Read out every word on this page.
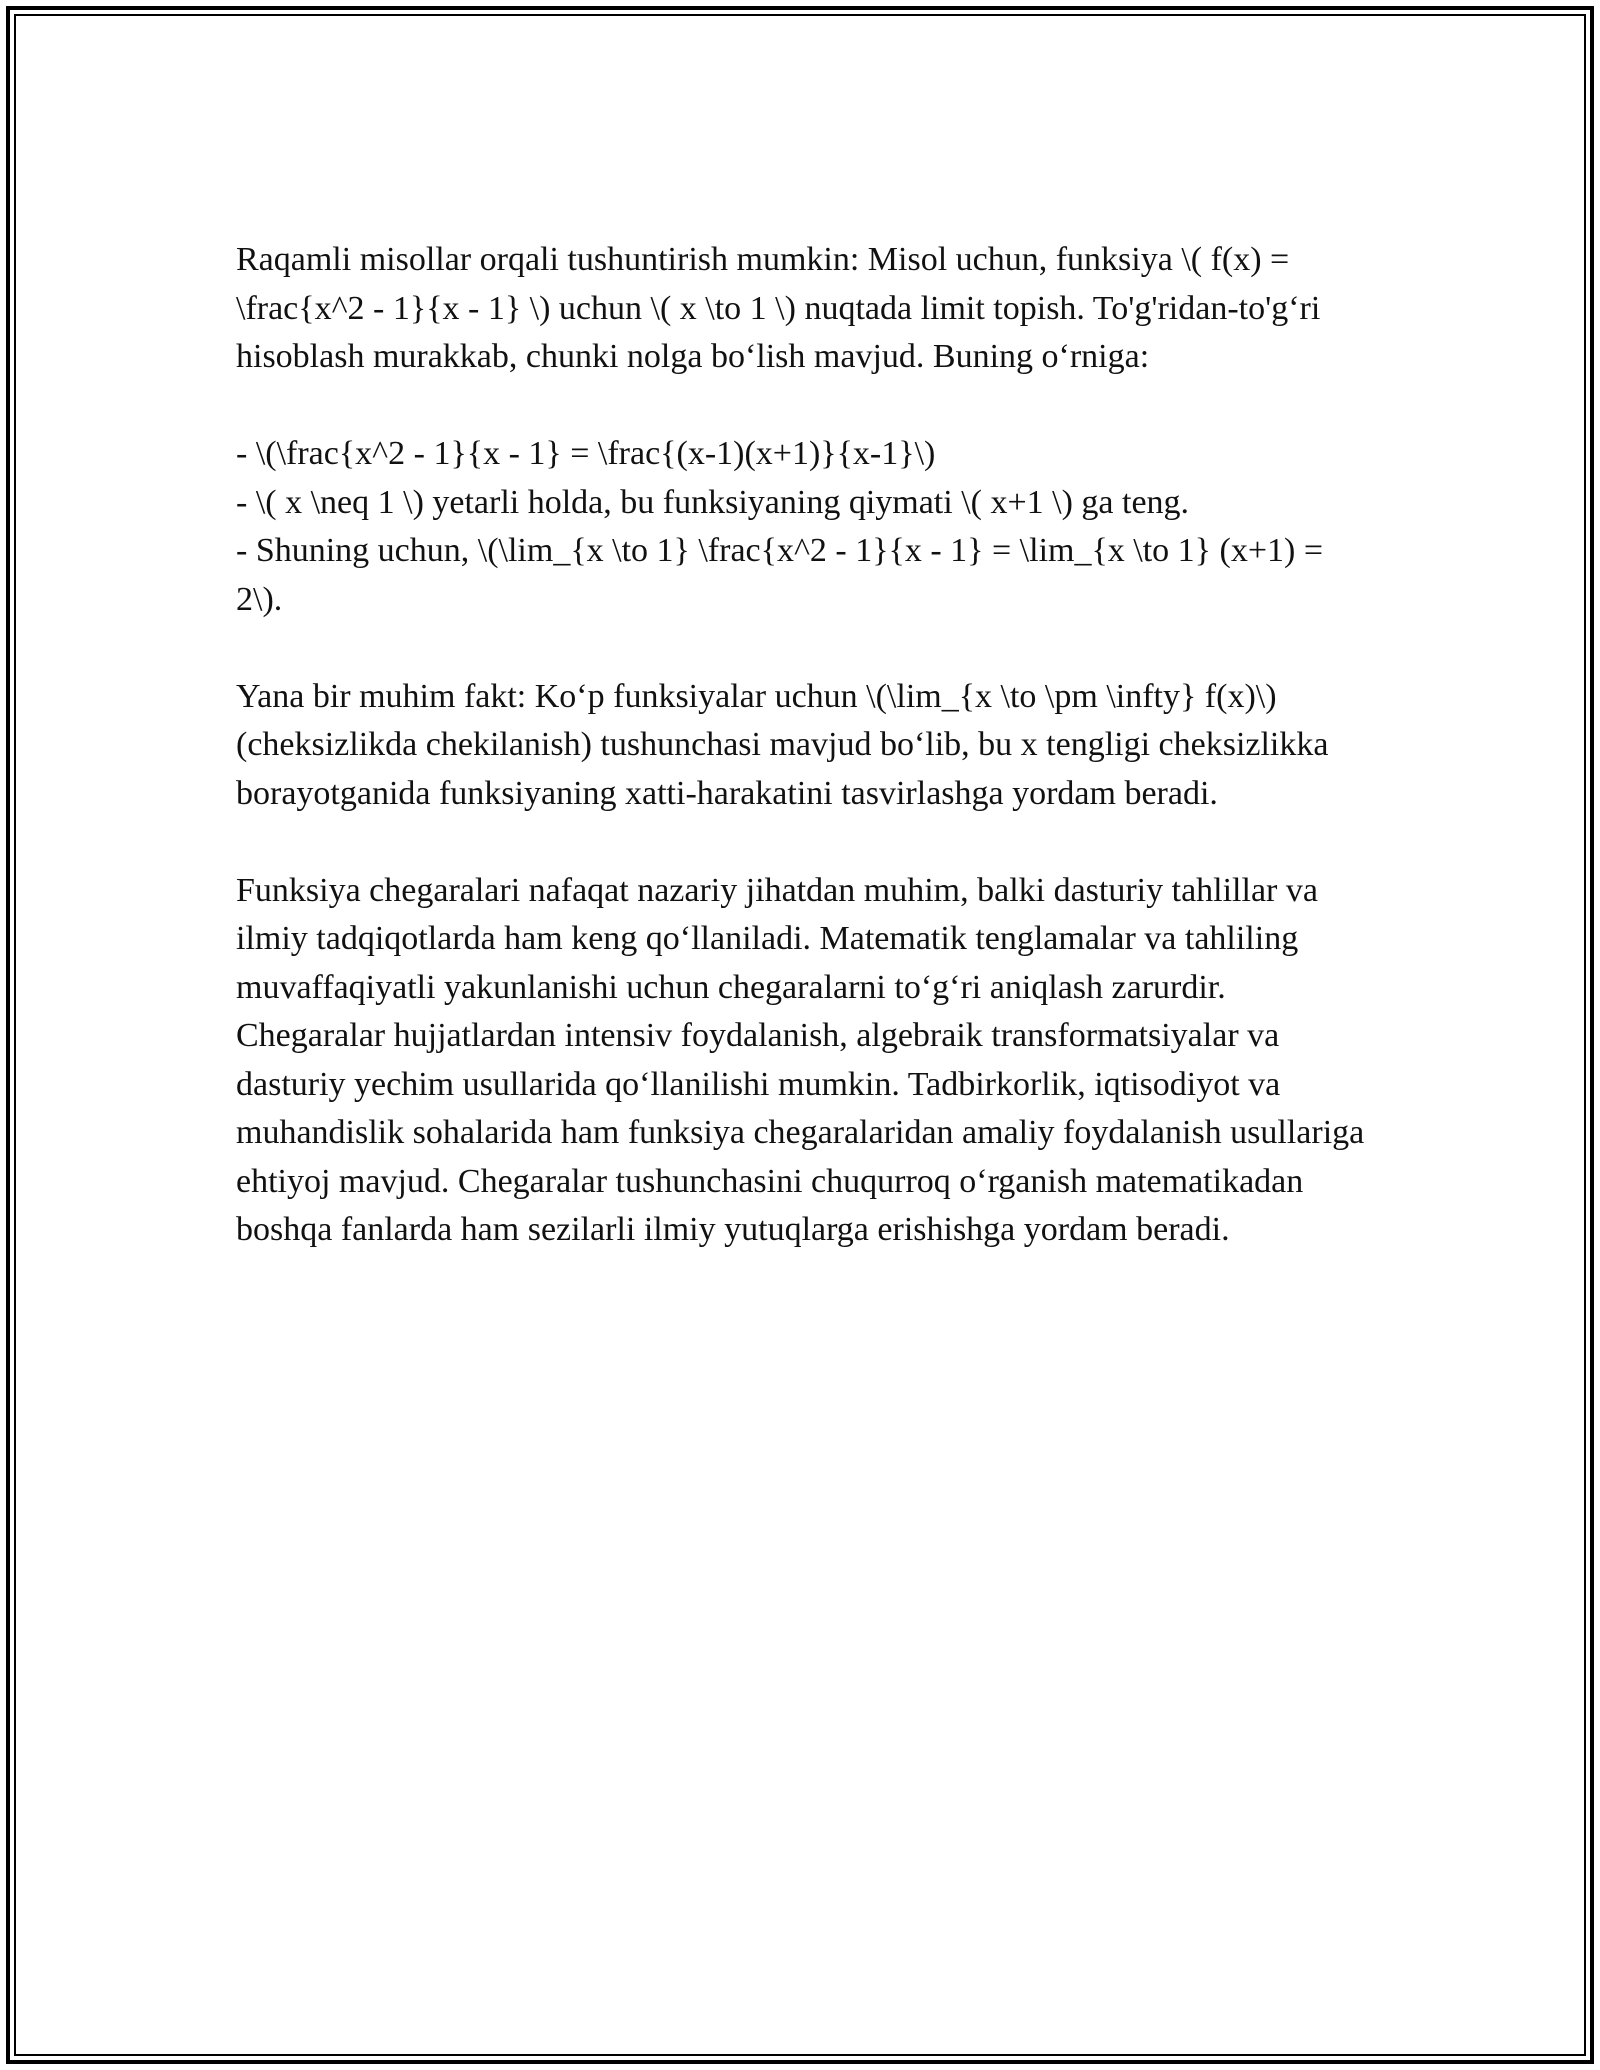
Raqamli misollar orqali tushuntirish mumkin: Misol uchun, funksiya \( f(x) = \frac{x^2 - 1}{x - 1} \) uchun \( x \to 1 \) nuqtada limit topish. To'g'ridan-to'g‘ri hisoblash murakkab, chunki nolga bo‘lish mavjud. Buning o‘rniga:

- \(\frac{x^2 - 1}{x - 1} = \frac{(x-1)(x+1)}{x-1}\)

- \( x \neq 1 \) yetarli holda, bu funksiyaning qiymati \( x+1 \) ga teng.

- Shuning uchun, \(\lim_{x \to 1} \frac{x^2 - 1}{x - 1} = \lim_{x \to 1} (x+1) = 2\).

Yana bir muhim fakt: Ko‘p funksiyalar uchun \(\lim_{x \to \pm \infty} f(x)\) (cheksizlikda chekilanish) tushunchasi mavjud bo‘lib, bu x tengligi cheksizlikka borayotganida funksiyaning xatti-harakatini tasvirlashga yordam beradi.

Funksiya chegaralari nafaqat nazariy jihatdan muhim, balki dasturiy tahlillar va ilmiy tadqiqotlarda ham keng qo‘llaniladi. Matematik tenglamalar va tahliling muvaffaqiyatli yakunlanishi uchun chegaralarni to‘g‘ri aniqlash zarurdir. Chegaralar hujjatlardan intensiv foydalanish, algebraik transformatsiyalar va dasturiy yechim usullarida qo‘llanilishi mumkin. Tadbirkorlik, iqtisodiyot va muhandislik sohalarida ham funksiya chegaralaridan amaliy foydalanish usullariga ehtiyoj mavjud. Chegaralar tushunchasini chuqurroq o‘rganish matematikadan boshqa fanlarda ham sezilarli ilmiy yutuqlarga erishishga yordam beradi.
